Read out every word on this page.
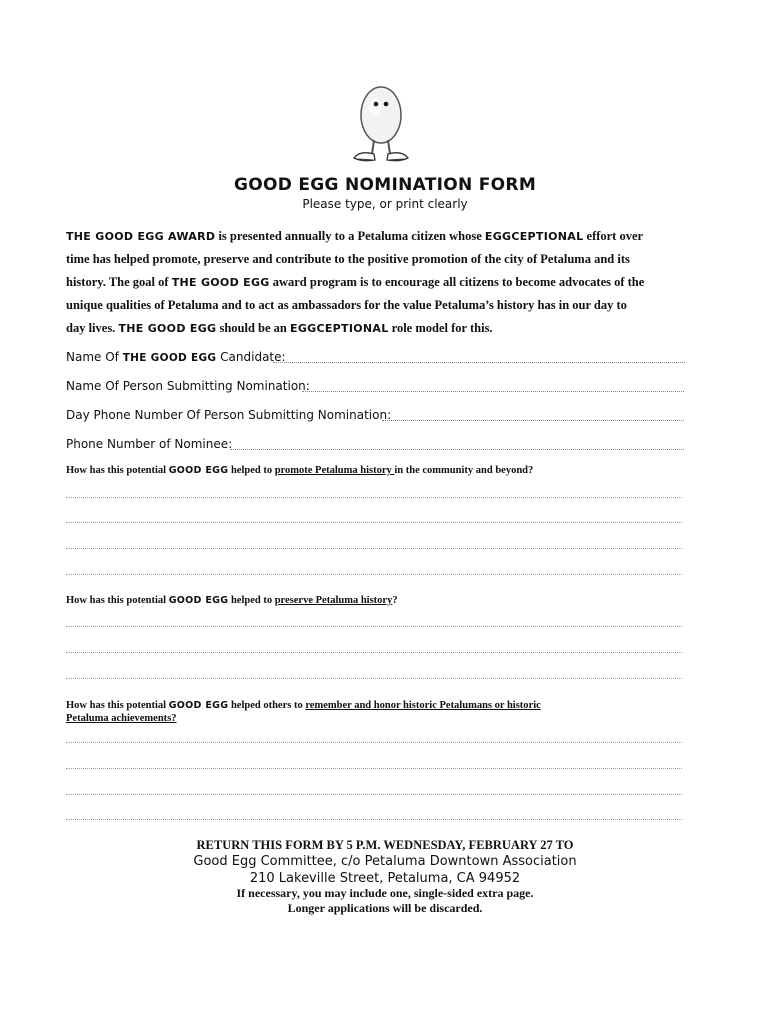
GOOD EGG NOMINATION FORM
Please type, or print clearly
THE GOOD EGG AWARD is presented annually to a Petaluma citizen whose EGGCEPTIONAL effort over time has helped promote, preserve and contribute to the positive promotion of the city of Petaluma and its history. The goal of THE GOOD EGG award program is to encourage all citizens to become advocates of the unique qualities of Petaluma and to act as ambassadors for the value Petaluma’s history has in our day to day lives. THE GOOD EGG should be an EGGCEPTIONAL role model for this.
Name Of THE GOOD EGG Candidate:
Name Of Person Submitting Nomination:
Day Phone Number Of Person Submitting Nomination:
Phone Number of Nominee:
How has this potential GOOD EGG helped to promote Petaluma history in the community and beyond?
How has this potential GOOD EGG helped to preserve Petaluma history?
How has this potential GOOD EGG helped others to remember and honor historic Petalumans or historic
Petaluma achievements?
RETURN THIS FORM BY 5 P.M. WEDNESDAY, FEBRUARY 27 TO
Good Egg Committee, c/o Petaluma Downtown Association
210 Lakeville Street, Petaluma, CA 94952
If necessary, you may include one, single-sided extra page.
Longer applications will be discarded.
